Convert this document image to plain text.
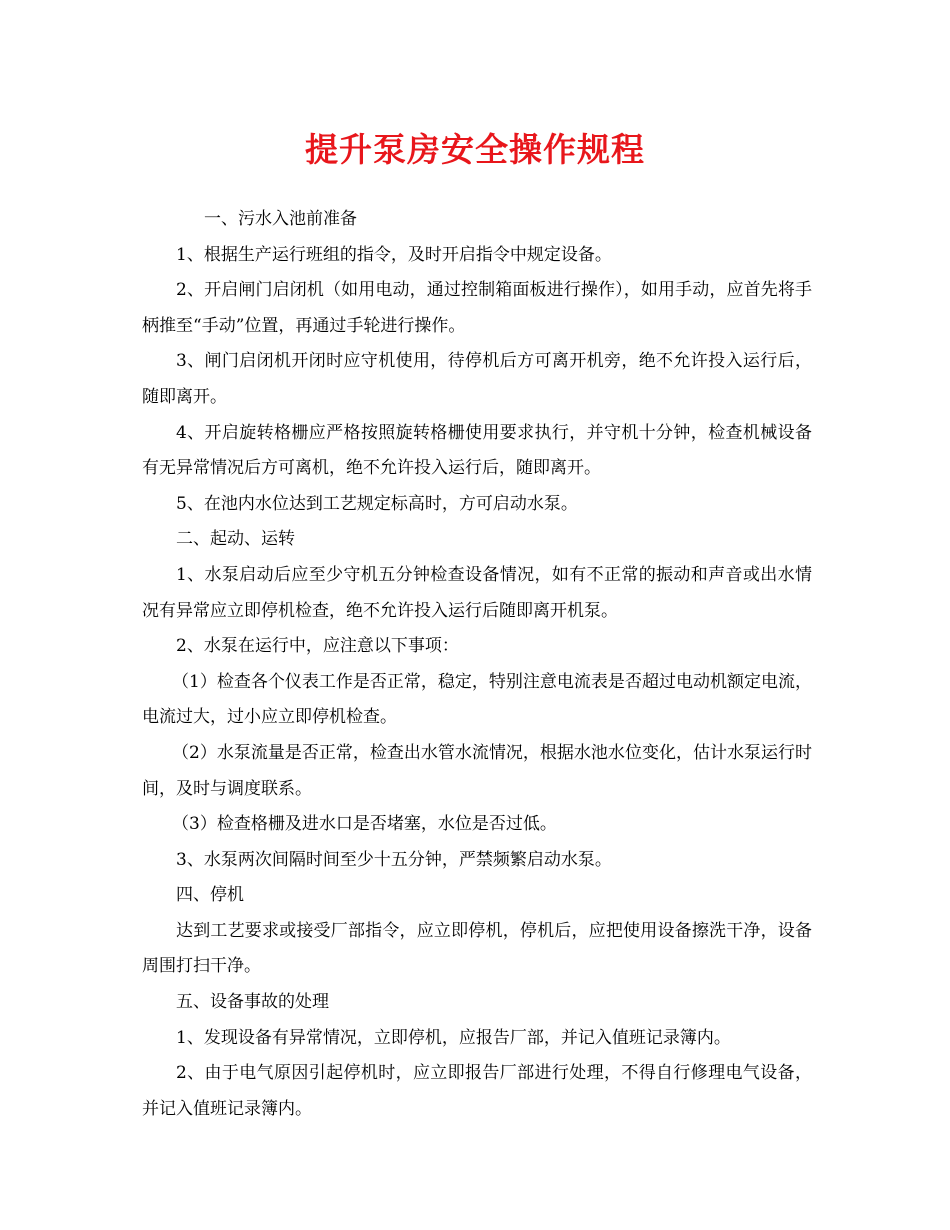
提升泵房安全操作规程

一、污水入池前准备

1、根据生产运行班组的指令，及时开启指令中规定设备。

2、开启闸门启闭机（如用电动，通过控制箱面板进行操作），如用手动，应首先将手柄推至“手动”位置，再通过手轮进行操作。

3、闸门启闭机开闭时应守机使用，待停机后方可离开机旁，绝不允许投入运行后，随即离开。

4、开启旋转格栅应严格按照旋转格栅使用要求执行，并守机十分钟，检查机械设备有无异常情况后方可离机，绝不允许投入运行后，随即离开。

5、在池内水位达到工艺规定标高时，方可启动水泵。

二、起动、运转

1、水泵启动后应至少守机五分钟检查设备情况，如有不正常的振动和声音或出水情况有异常应立即停机检查，绝不允许投入运行后随即离开机泵。

2、水泵在运行中，应注意以下事项：

（1）检查各个仪表工作是否正常，稳定，特别注意电流表是否超过电动机额定电流，电流过大，过小应立即停机检查。

（2）水泵流量是否正常，检查出水管水流情况，根据水池水位变化，估计水泵运行时间，及时与调度联系。

（3）检查格栅及进水口是否堵塞，水位是否过低。

3、水泵两次间隔时间至少十五分钟，严禁频繁启动水泵。

四、停机

达到工艺要求或接受厂部指令，应立即停机，停机后，应把使用设备擦洗干净，设备周围打扫干净。

五、设备事故的处理

1、发现设备有异常情况，立即停机，应报告厂部，并记入值班记录簿内。

2、由于电气原因引起停机时，应立即报告厂部进行处理，不得自行修理电气设备，并记入值班记录簿内。
